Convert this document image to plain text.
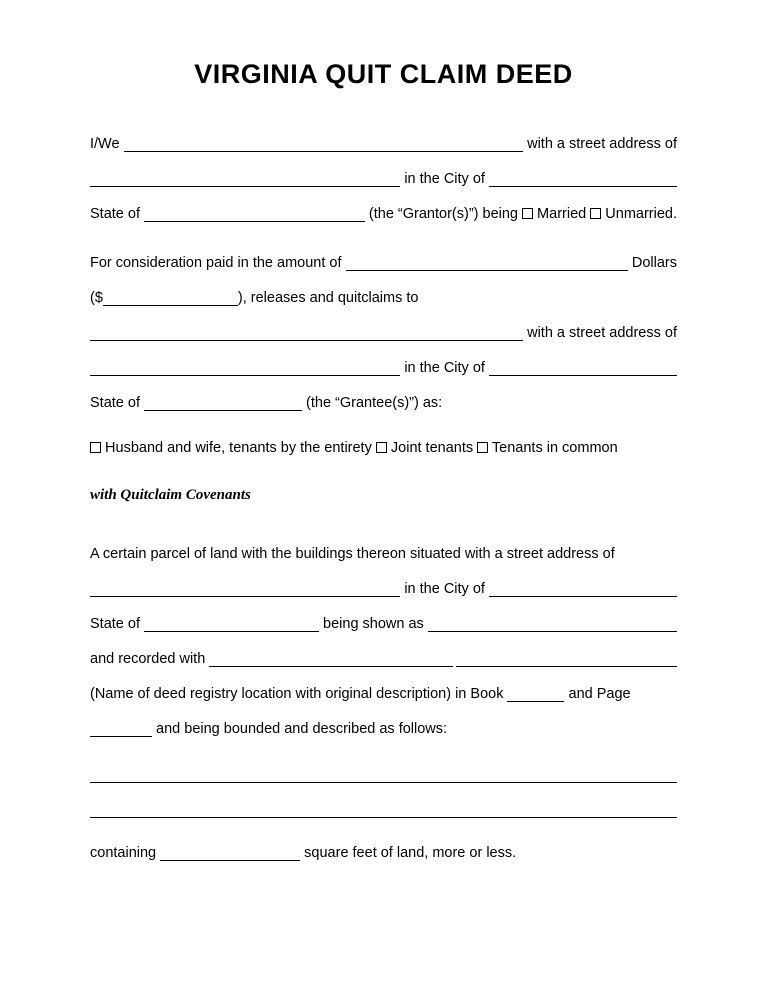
VIRGINIA QUIT CLAIM DEED
I/We	with a street address of
in the City of
State of	(the “Grantor(s)”) being Married Unmarried.
For consideration paid in the amount of	Dollars
($	), releases and quitclaims to
with a street address of
in the City of
State of	(the “Grantee(s)”) as:
Husband and wife, tenants by the entirety Joint tenants Tenants in common
with Quitclaim Covenants
A certain parcel of land with the buildings thereon situated with a street address of
in the City of
State of	being shown as
and recorded with
(Name of deed registry location with original description) in Book	and Page
and being bounded and described as follows:
containing	square feet of land, more or less.
